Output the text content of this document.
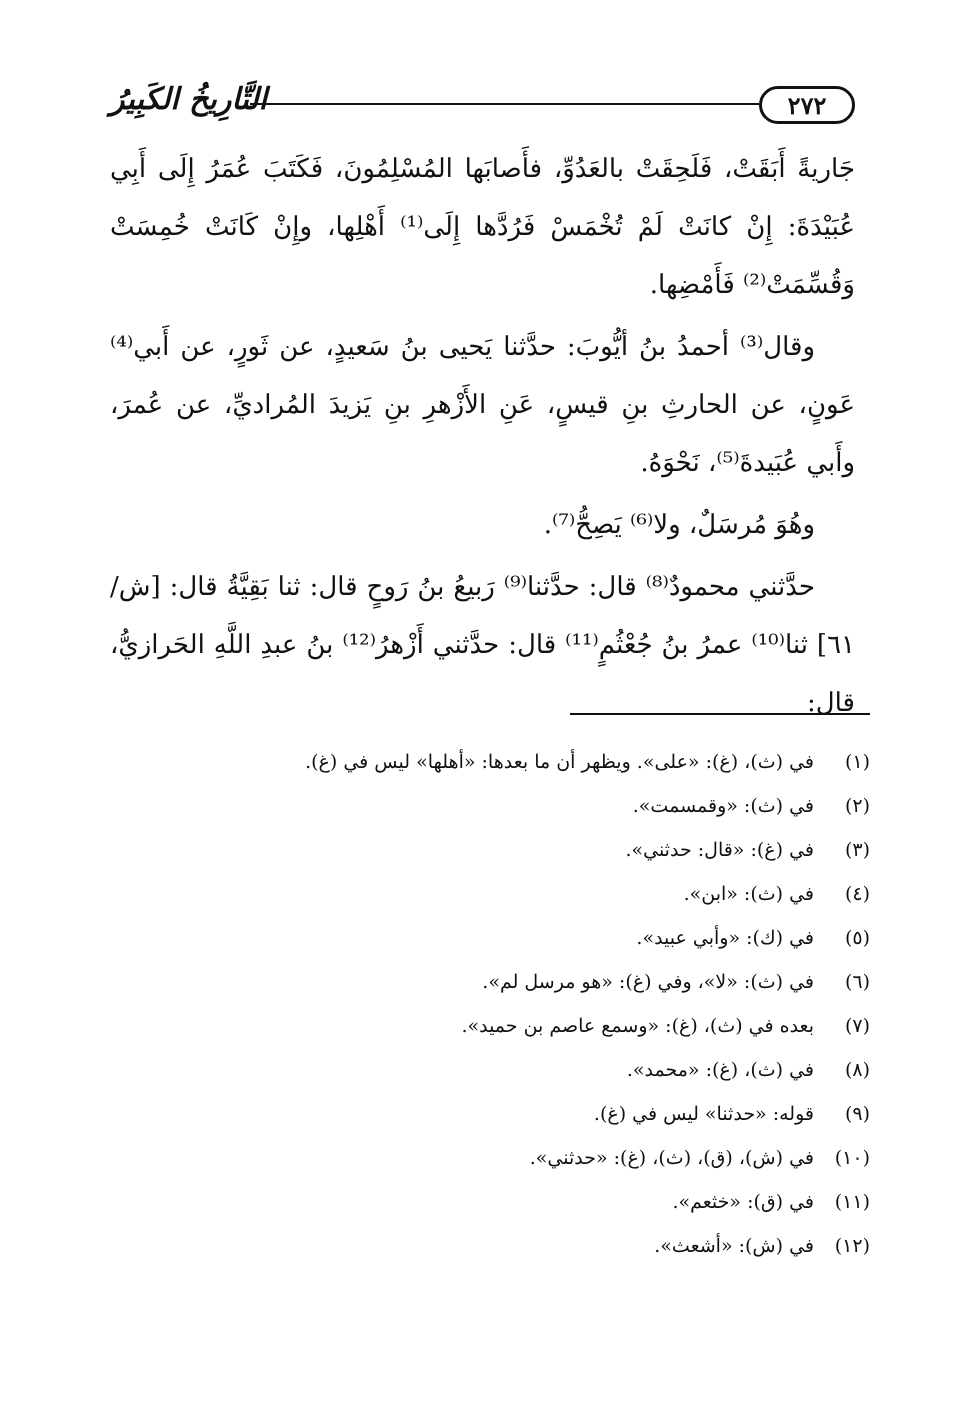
٢٧٢
التَّارِيخُ الكَبِيرُ

جَاريةً أَبَقَتْ، فَلَحِقَتْ بالعَدُوِّ، فأَصابَها المُسْلِمُونَ، فَكَتَبَ عُمَرُ إِلَى أَبِي عُبَيْدَةَ: إِنْ كانَتْ لَمْ تُخْمَسْ فَرُدَّها إِلَى⁽¹⁾ أَهْلِها، وإِنْ كَانَتْ خُمِسَتْ وَقُسِّمَتْ⁽²⁾ فَأَمْضِها.

وقال⁽³⁾ أحمدُ بنُ أيُّوبَ: حدَّثنا يَحيى بنُ سَعيدٍ، عن ثَورٍ، عن أَبي⁽⁴⁾ عَونٍ، عن الحارثِ بنِ قيسٍ، عَنِ الأَزْهرِ بنِ يَزيدَ المُراديِّ، عن عُمرَ، وأَبي عُبَيدةَ⁽⁵⁾، نَحْوَهُ.

وهُوَ مُرسَلٌ، ولا⁽⁶⁾ يَصِحُّ⁽⁷⁾.

حدَّثني محمودٌ⁽⁸⁾ قال: حدَّثنا⁽⁹⁾ رَبيعُ بنُ رَوحٍ قال: ثنا بَقِيَّةُ قال: [ش/٦١] ثنا⁽¹⁰⁾ عمرُ بنُ جُعْثُمٍ⁽¹¹⁾ قال: حدَّثني أَزْهرُ⁽¹²⁾ بنُ عبدِ اللَّهِ الحَرازيُّ، قال:

(١)
في (ث)، (غ): «على». ويظهر أن ما بعدها: «أهلها» ليس في (غ).
(٢)
في (ث): «وقمسمت».
(٣)
في (غ): «قال: حدثني».
(٤)
في (ث): «ابن».
(٥)
في (ك): «وأبي عبيد».
(٦)
في (ث): «لا»، وفي (غ): «هو مرسل لم».
(٧)
بعده في (ث)، (غ): «وسمع عاصم بن حميد».
(٨)
في (ث)، (غ): «محمد».
(٩)
قوله: «حدثنا» ليس في (غ).
(١٠)
في (ش)، (ق)، (ث)، (غ): «حدثني».
(١١)
في (ق): «خثعم».
(١٢)
في (ش): «أشعث».
